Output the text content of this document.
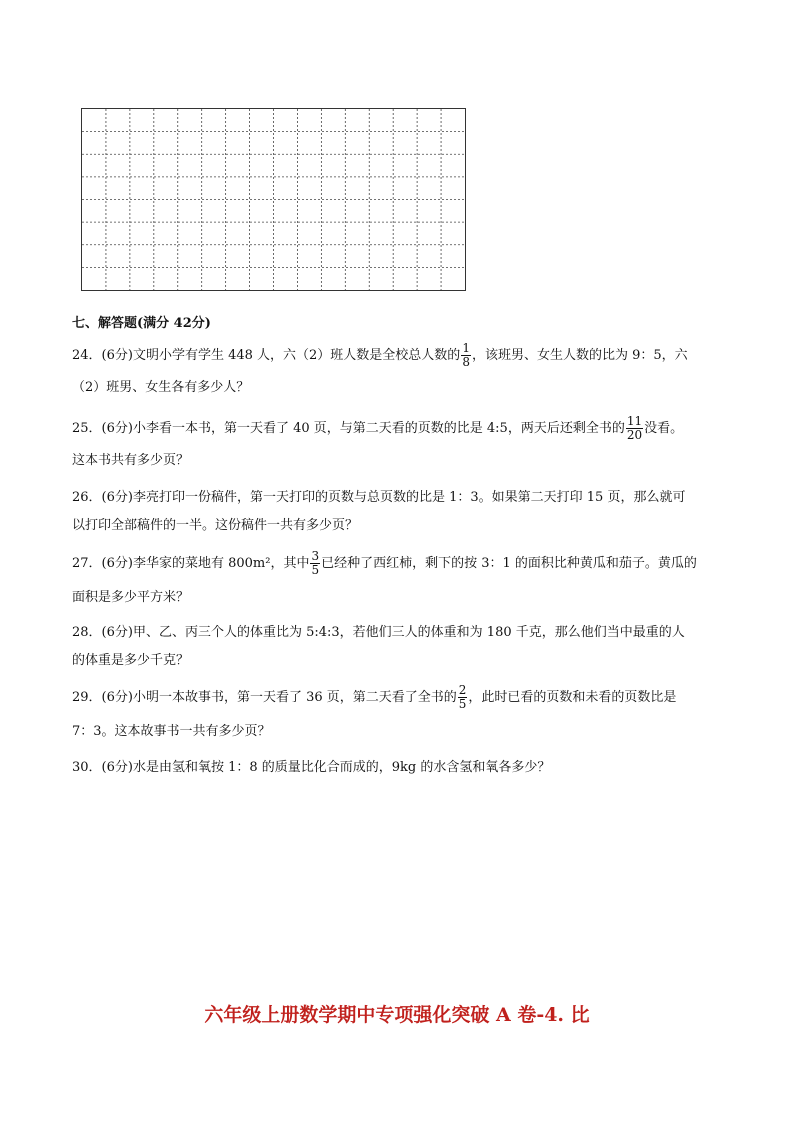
七、解答题(满分 42分)
24．(6分)文明小学有学生 448 人，六（2）班人数是全校总人数的 $\frac{1}{8}$ ，该班男、女生人数的比为 9：5，六
（2）班男、女生各有多少人？
25．(6分)小李看一本书，第一天看了 40 页，与第二天看的页数的比是 4:5，两天后还剩全书的 $\frac{11}{20}$ 没看。
这本书共有多少页？
26．(6分)李亮打印一份稿件，第一天打印的页数与总页数的比是 1：3。如果第二天打印 15 页，那么就可
以打印全部稿件的一半。这份稿件一共有多少页？
27．(6分)李华家的菜地有 800m²，其中 $\frac{3}{5}$ 已经种了西红柿，剩下的按 3：1 的面积比种黄瓜和茄子。黄瓜的
面积是多少平方米？
28．(6分)甲、乙、丙三个人的体重比为 5:4:3，若他们三人的体重和为 180 千克，那么他们当中最重的人
的体重是多少千克？
29．(6分)小明一本故事书，第一天看了 36 页，第二天看了全书的 $\frac{2}{5}$ ，此时已看的页数和未看的页数比是
7：3。这本故事书一共有多少页？
30．(6分)水是由氢和氧按 1：8 的质量比化合而成的，9kg 的水含氢和氧各多少？
六年级上册数学期中专项强化突破 A 卷-4. 比
